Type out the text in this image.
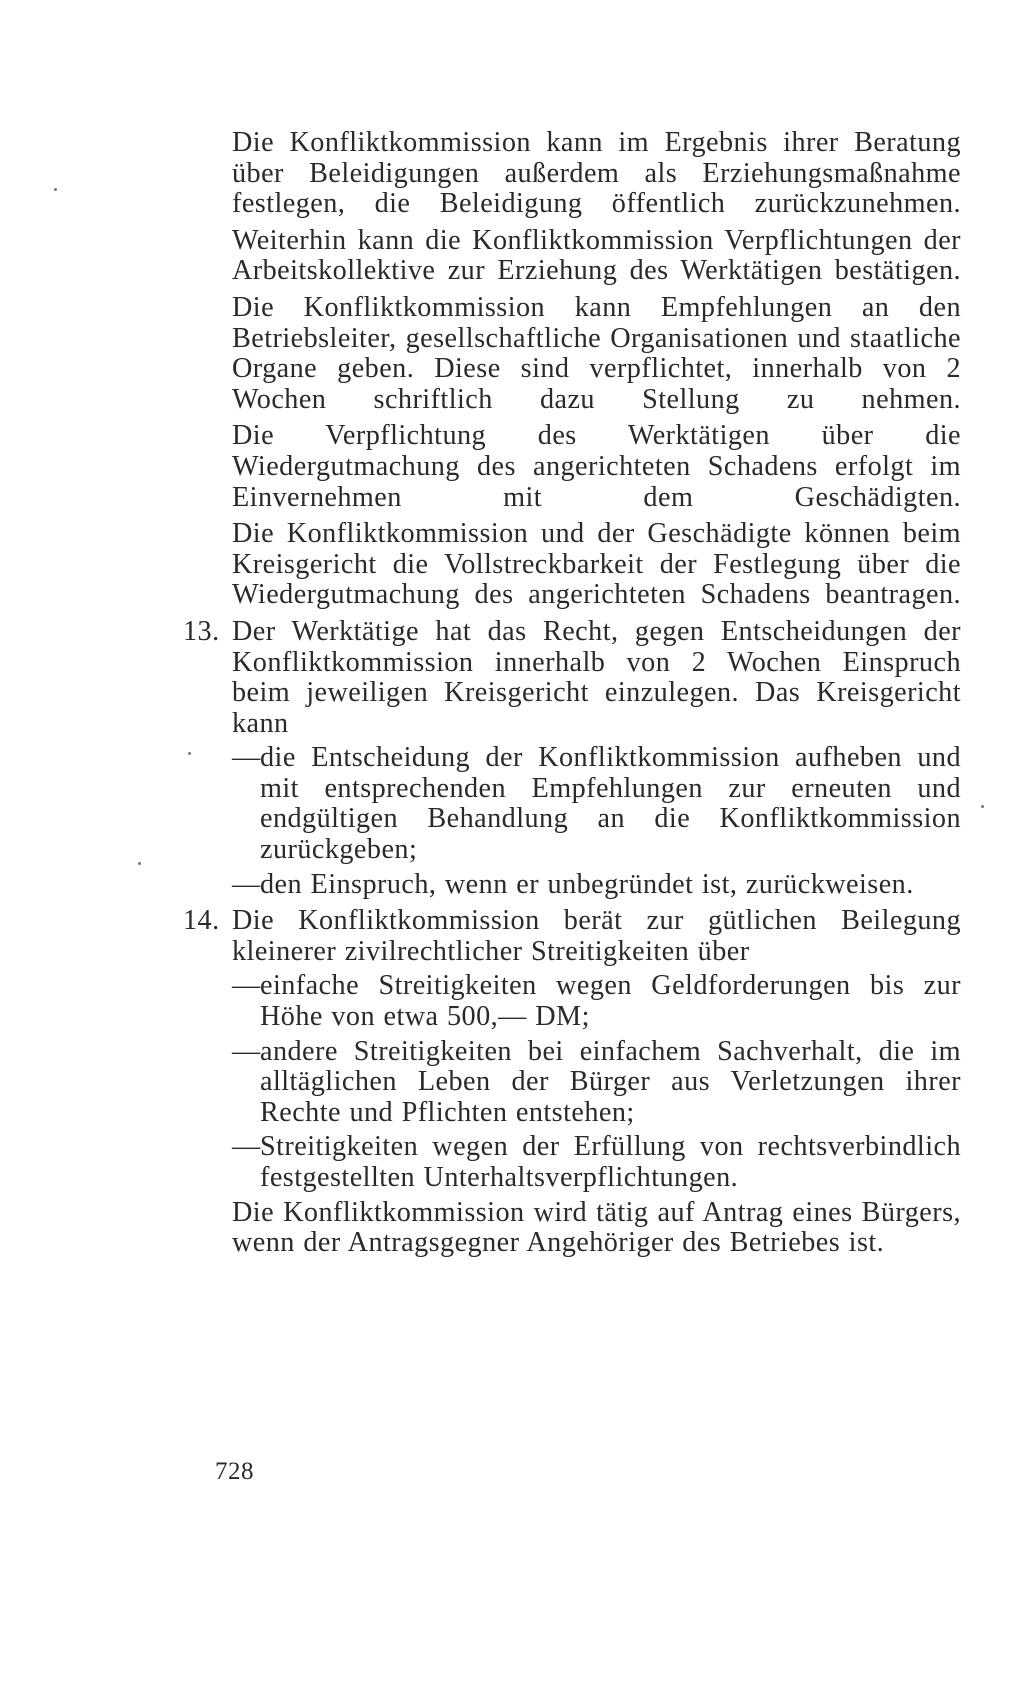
Die Konfliktkommission kann im Ergebnis ihrer Beratung über Beleidigungen außerdem als Erziehungsmaßnahme festlegen, die Beleidigung öffentlich zurückzunehmen.

Weiterhin kann die Konfliktkommission Verpflichtungen der Arbeitskollektive zur Erziehung des Werktätigen bestätigen.

Die Konfliktkommission kann Empfehlungen an den Betriebsleiter, gesellschaftliche Organisationen und staatliche Organe geben. Diese sind verpflichtet, innerhalb von 2 Wochen schriftlich dazu Stellung zu nehmen.

Die Verpflichtung des Werktätigen über die Wiedergutmachung des angerichteten Schadens erfolgt im Einvernehmen mit dem Geschädigten.

Die Konfliktkommission und der Geschädigte können beim Kreisgericht die Vollstreckbarkeit der Festlegung über die Wiedergutmachung des angerichteten Schadens beantragen.

13. Der Werktätige hat das Recht, gegen Entscheidungen der Konfliktkommission innerhalb von 2 Wochen Einspruch beim jeweiligen Kreisgericht einzulegen. Das Kreisgericht kann
— die Entscheidung der Konfliktkommission aufheben und mit entsprechenden Empfehlungen zur erneuten und endgültigen Behandlung an die Konfliktkommission zurückgeben;
— den Einspruch, wenn er unbegründet ist, zurückweisen.
14. Die Konfliktkommission berät zur gütlichen Beilegung kleinerer zivilrechtlicher Streitigkeiten über
— einfache Streitigkeiten wegen Geldforderungen bis zur Höhe von etwa 500,— DM;
— andere Streitigkeiten bei einfachem Sachverhalt, die im alltäglichen Leben der Bürger aus Verletzungen ihrer Rechte und Pflichten entstehen;
— Streitigkeiten wegen der Erfüllung von rechtsverbindlich festgestellten Unterhaltsverpflichtungen.
Die Konfliktkommission wird tätig auf Antrag eines Bürgers, wenn der Antragsgegner Angehöriger des Betriebes ist.
728
